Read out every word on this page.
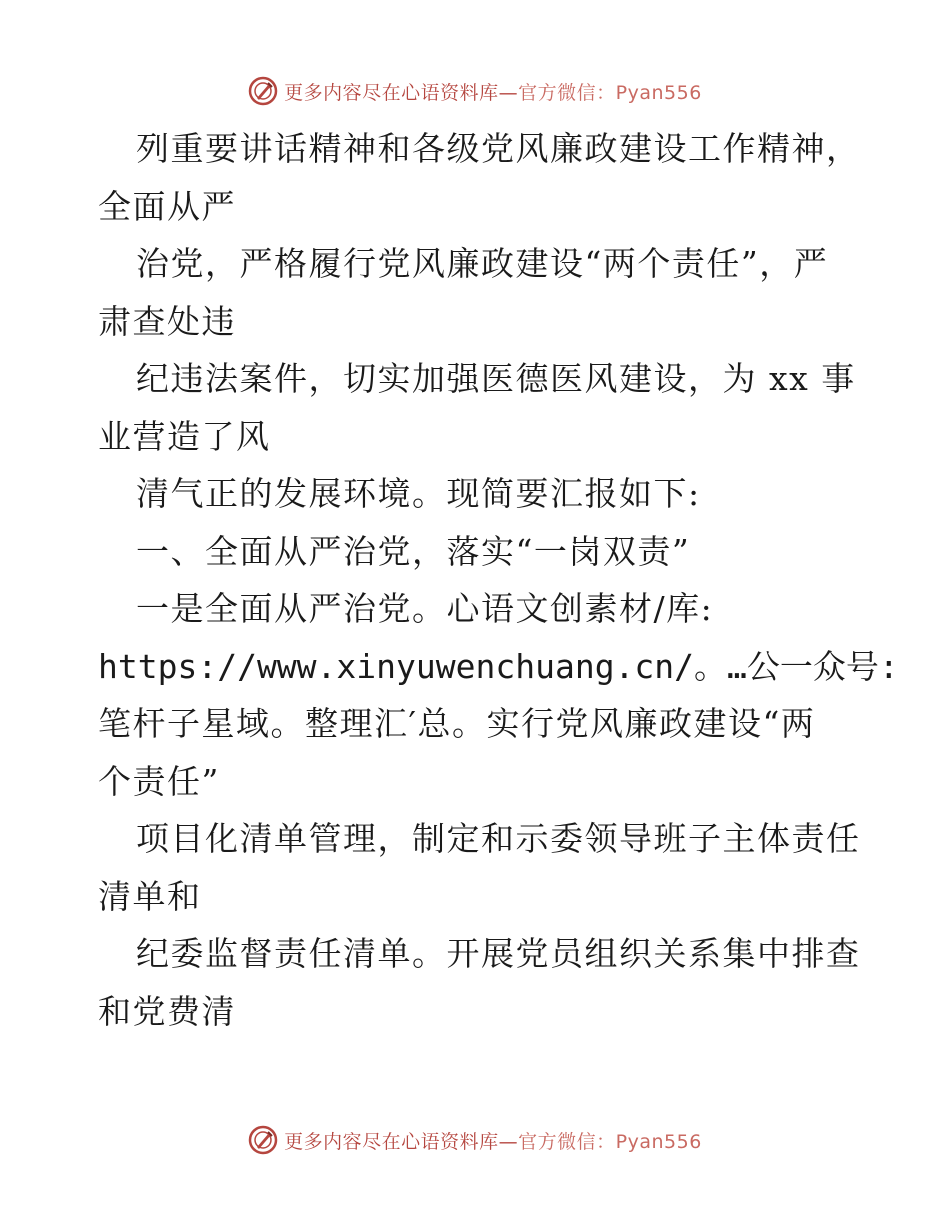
更多内容尽在心语资料库—官方微信：Pyan556
列重要讲话精神和各级党风廉政建设工作精神，
全面从严
治党，严格履行党风廉政建设“两个责任”，严
肃查处违
纪违法案件，切实加强医德医风建设，为 xx 事
业营造了风
清气正的发展环境。现简要汇报如下:
一、全面从严治党，落实“一岗双责”
一是全面从严治党。心语文创素材/库:
https://www.xinyuwenchuang.cn/。…公一众号:
笔杆子星域。整理汇′总。实行党风廉政建设“两
个责任”
项目化清单管理，制定和示委领导班子主体责任
清单和
纪委监督责任清单。开展党员组织关系集中排查
和党费清
更多内容尽在心语资料库—官方微信：Pyan556
